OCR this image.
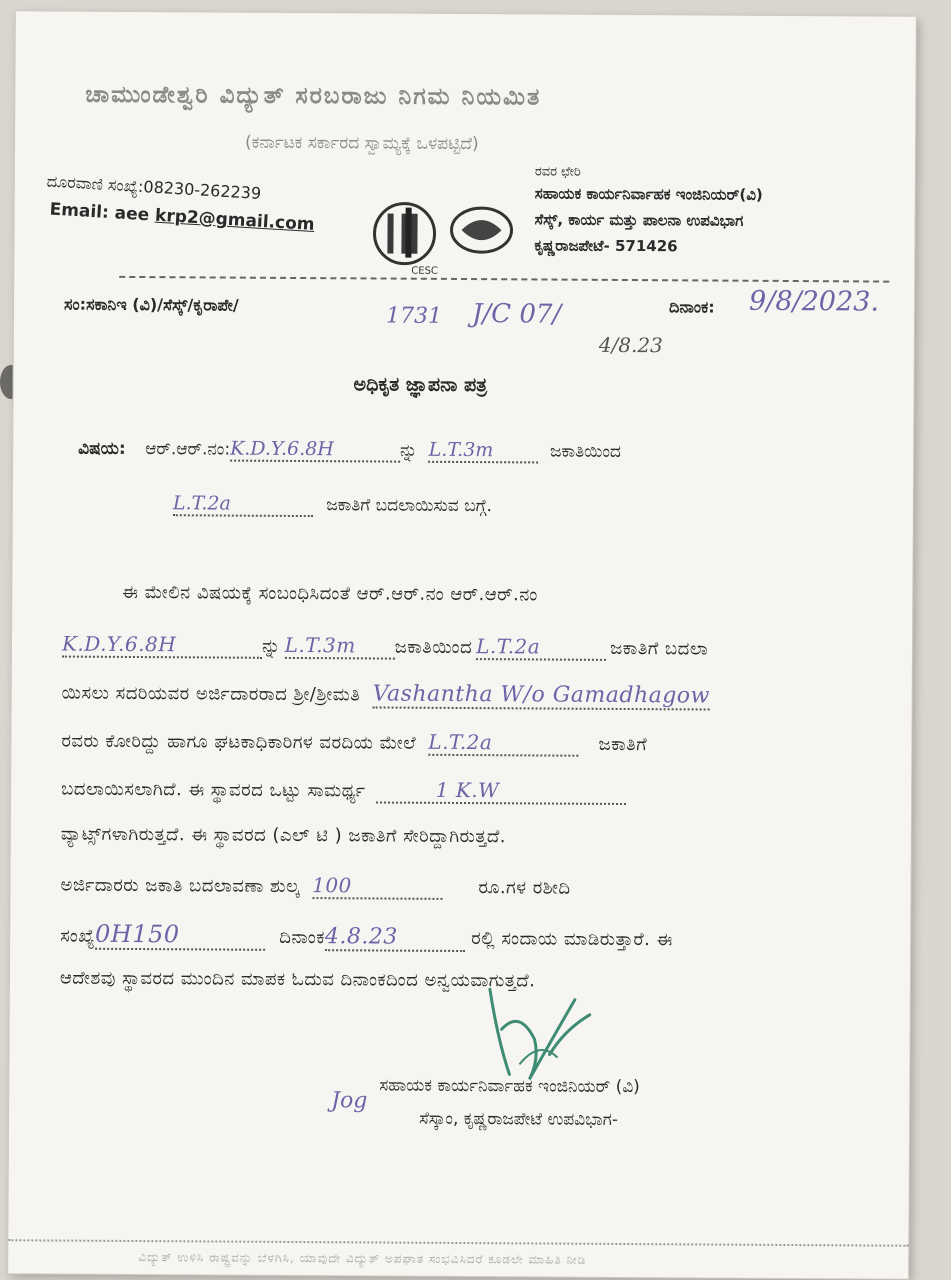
ಚಾಮುಂಡೇಶ್ವರಿ ವಿದ್ಯುತ್ ಸರಬರಾಜು ನಿಗಮ ನಿಯಮಿತ
(ಕರ್ನಾಟಕ ಸರ್ಕಾರದ ಸ್ವಾಮ್ಯಕ್ಕೆ ಒಳಪಟ್ಟಿದೆ)
ದೂರವಾಣಿ ಸಂಖ್ಯೆ:08230-262239
Email: aee krp2@gmail.com
CESC
ರವರ ಛೇರಿ
ಸಹಾಯಕ ಕಾರ್ಯನಿರ್ವಾಹಕ ಇಂಜಿನಿಯರ್(ವಿ)
ಸೆಸ್ಕ್, ಕಾರ್ಯ ಮತ್ತು ಪಾಲನಾ ಉಪವಿಭಾಗ
ಕೃಷ್ಣರಾಜಪೇಟೆ- 571426
ಸಂ:ಸಕಾನಿಇ (ವಿ)/ಸೆಸ್ಕ್/ಕೃರಾಪೇ/	1731 J/C 07/
4/8.23
ದಿನಾಂಕ: 9/8/2023.
ಅಧಿಕೃತ ಜ್ಞಾಪನಾ ಪತ್ರ
ವಿಷಯ: ಆರ್.ಆರ್.ನಂ:K.D.Y.6.8H	ನ್ನು L.T.3m	ಜಕಾತಿಯಿಂದ
L.T.2a	ಜಕಾತಿಗೆ ಬದಲಾಯಿಸುವ ಬಗ್ಗೆ.
ಈ ಮೇಲಿನ ವಿಷಯಕ್ಕೆ ಸಂಬಂಧಿಸಿದಂತೆ ಆರ್.ಆರ್.ನಂ ಆರ್.ಆರ್.ನಂ
K.D.Y.6.8H	ನ್ನು L.T.3m ಜಕಾತಿಯಿಂದ L.T.2a	ಜಕಾತಿಗೆ ಬದಲಾ
ಯಿಸಲು ಸದರಿಯವರ ಅರ್ಜಿದಾರರಾದ ಶ್ರೀ/ಶ್ರೀಮತಿ Vashantha W/o Gamadhagow
ರವರು ಕೋರಿದ್ದು ಹಾಗೂ ಘಟಕಾಧಿಕಾರಿಗಳ ವರದಿಯ ಮೇಲೆ L.T.2a	ಜಕಾತಿಗೆ
ಬದಲಾಯಿಸಲಾಗಿದೆ. ಈ ಸ್ಥಾವರದ ಒಟ್ಟು ಸಾಮರ್ಥ್ಯ	1 K.W
ವ್ಯಾಟ್ಸ್‌ಗಳಾಗಿರುತ್ತದೆ. ಈ ಸ್ಥಾವರದ (ಎಲ್ ಟಿ ) ಜಕಾತಿಗೆ ಸೇರಿದ್ದಾಗಿರುತ್ತದೆ.
ಅರ್ಜಿದಾರರು ಜಕಾತಿ ಬದಲಾವಣಾ ಶುಲ್ಕ 100	ರೂ.ಗಳ ರಶೀದಿ
ಸಂಖ್ಯೆ0H150	ದಿನಾಂಕ4.8.23	ರಲ್ಲಿ ಸಂದಾಯ ಮಾಡಿರುತ್ತಾರೆ. ಈ
ಆದೇಶವು ಸ್ಥಾವರದ ಮುಂದಿನ ಮಾಪಕ ಓದುವ ದಿನಾಂಕದಿಂದ ಅನ್ವಯವಾಗುತ್ತದೆ.
Jog
ಸಹಾಯಕ ಕಾರ್ಯನಿರ್ವಾಹಕ ಇಂಜಿನಿಯರ್ (ವಿ)
ಸೆಸ್ಕಾಂ, ಕೃಷ್ಣರಾಜಪೇಟೆ ಉಪವಿಭಾಗ-
ವಿದ್ಯುತ್ ಉಳಿಸಿ ರಾಷ್ಟ್ರವನ್ನು ಬೆಳಗಿಸಿ, ಯಾವುದೇ ವಿದ್ಯುತ್ ಅಪಘಾತ ಸಂಭವಿಸಿದರೆ ಕೂಡಲೇ ಮಾಹಿತಿ ನೀಡಿ
